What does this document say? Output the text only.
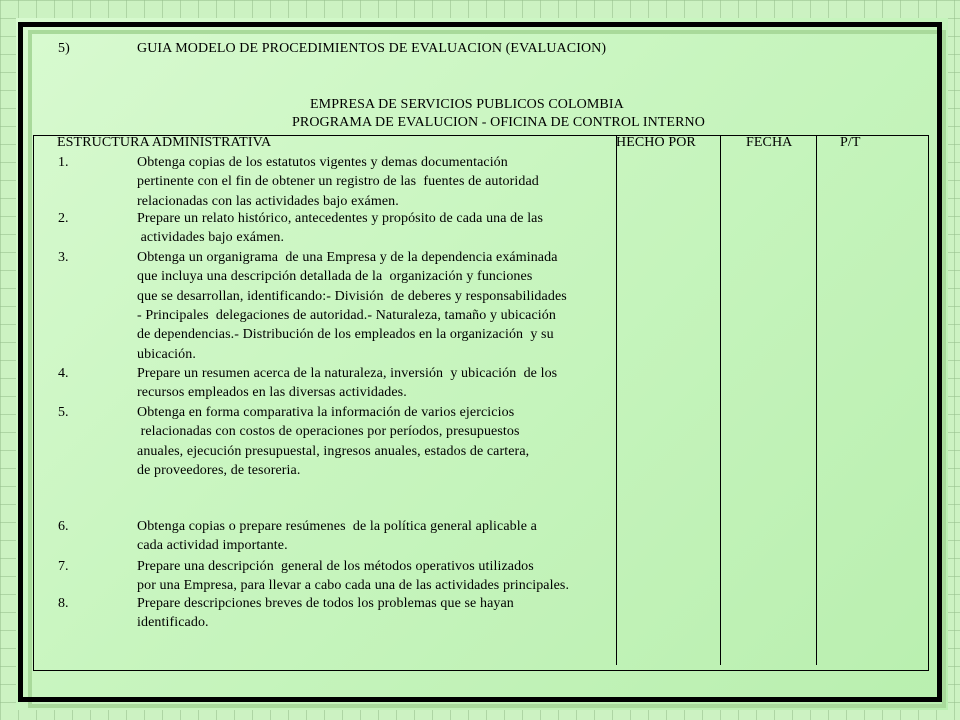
5)	GUIA MODELO DE PROCEDIMIENTOS DE EVALUACION (EVALUACION)
EMPRESA DE SERVICIOS PUBLICOS COLOMBIA
PROGRAMA DE EVALUCION - OFICINA DE CONTROL INTERNO
ESTRUCTURA ADMINISTRATIVA	HECHO POR	FECHA	P/T
1.	Obtenga copias de los estatutos vigentes y demas documentación
pertinente con el fin de obtener un registro de las  fuentes de autoridad
relacionadas con las actividades bajo exámen.
2.	Prepare un relato histórico, antecedentes y propósito de cada una de las
actividades bajo exámen.
3.	Obtenga un organigrama  de una Empresa y de la dependencia exáminada
que incluya una descripción detallada de la  organización y funciones
que se desarrollan, identificando:- División  de deberes y responsabilidades
- Principales  delegaciones de autoridad.- Naturaleza, tamaño y ubicación
de dependencias.- Distribución de los empleados en la organización  y su
ubicación.
4.	Prepare un resumen acerca de la naturaleza, inversión  y ubicación  de los
recursos empleados en las diversas actividades.
5.	Obtenga en forma comparativa la información de varios ejercicios
relacionadas con costos de operaciones por períodos, presupuestos
anuales, ejecución presupuestal, ingresos anuales, estados de cartera,
de proveedores, de tesoreria.
6.	Obtenga copias o prepare resúmenes  de la política general aplicable a
cada actividad importante.
7.	Prepare una descripción  general de los métodos operativos utilizados
por una Empresa, para llevar a cabo cada una de las actividades principales.
8.	Prepare descripciones breves de todos los problemas que se hayan
identificado.
